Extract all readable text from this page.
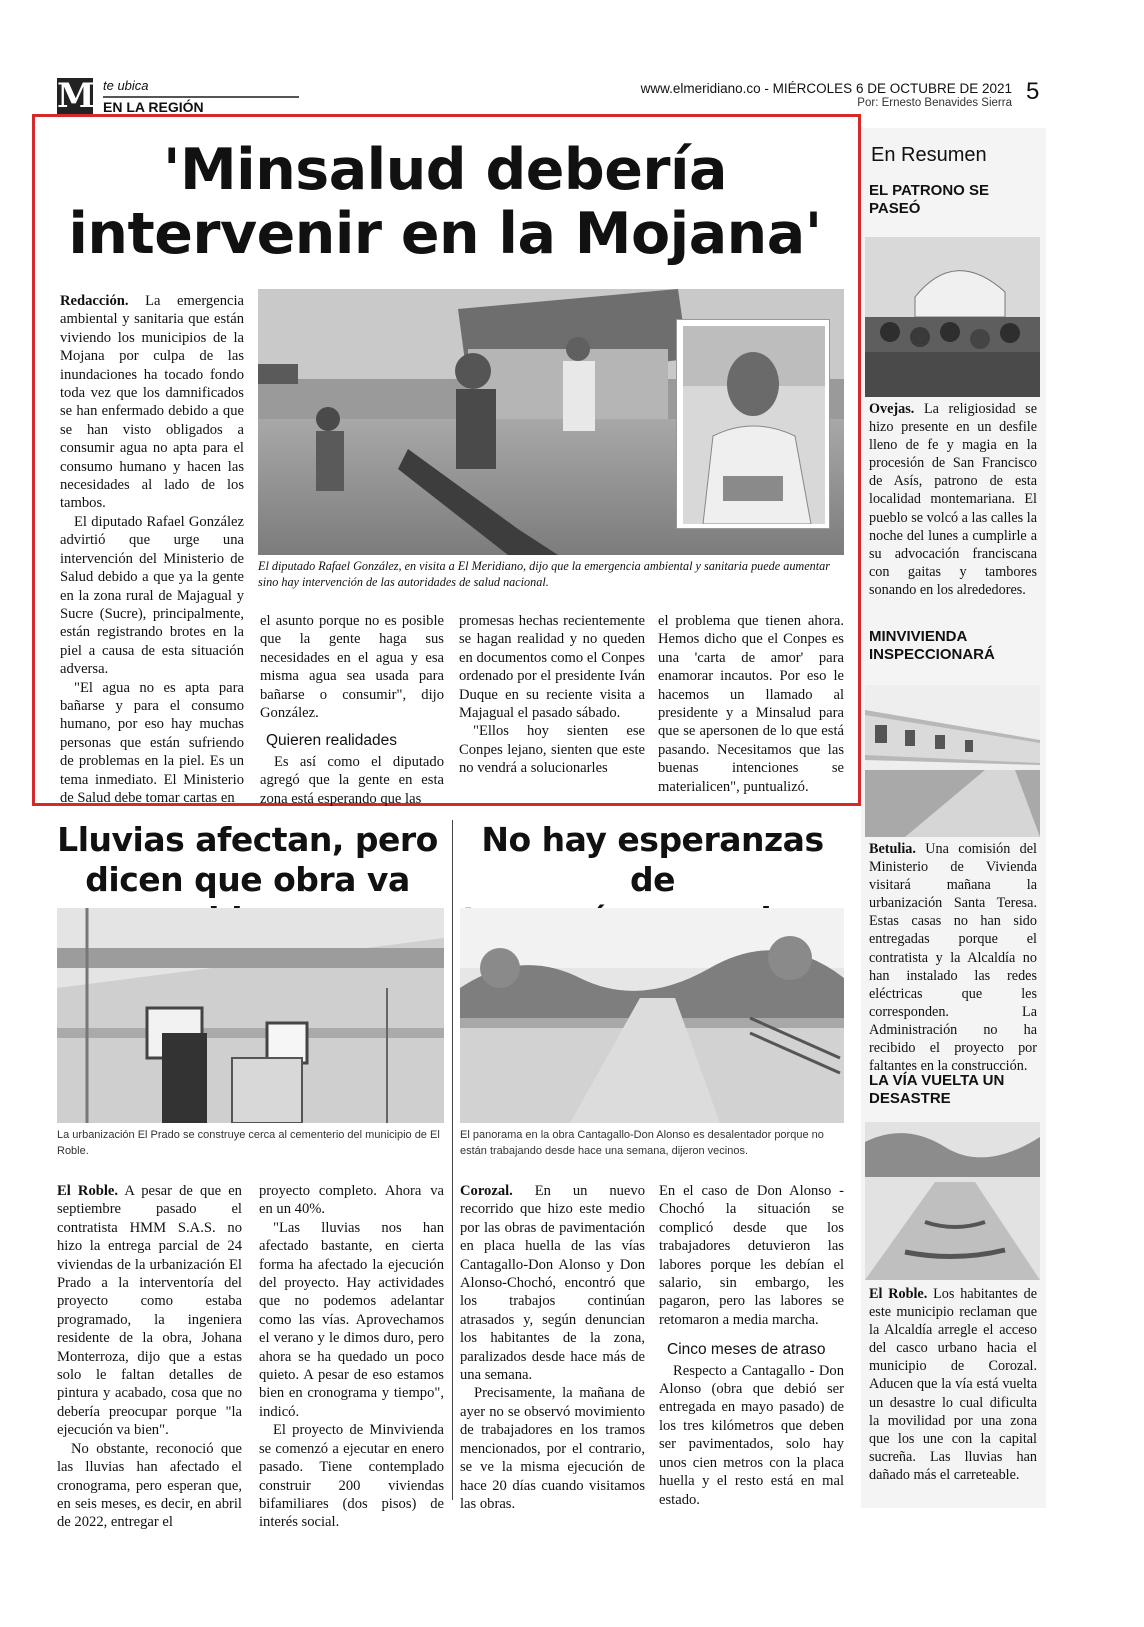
M te ubica
EN LA REGIÓN
www.elmeridiano.co - MIÉRCOLES 6 DE OCTUBRE DE 2021
Por: Ernesto Benavides Sierra 5
'Minsalud debería
intervenir en la Mojana'

Redacción. La emergencia ambiental y sanitaria que están viviendo los municipios de la Mojana por culpa de las inundaciones ha tocado fondo toda vez que los damnificados se han enfermado debido a que se han visto obligados a consumir agua no apta para el consumo humano y hacen las necesidades al lado de los tambos.

El diputado Rafael González advirtió que urge una intervención del Ministerio de Salud debido a que ya la gente en la zona rural de Majagual y Sucre (Sucre), principalmente, están registrando brotes en la piel a causa de esta situación adversa.

"El agua no es apta para bañarse y para el consumo humano, por eso hay muchas personas que están sufriendo de problemas en la piel. Es un tema inmediato. El Ministerio de Salud debe tomar cartas en

El diputado Rafael González, en visita a El Meridiano, dijo que la emergencia ambiental y sanitaria puede aumentar sino hay intervención de las autoridades de salud nacional.

el asunto porque no es posible que la gente haga sus necesidades en el agua y esa misma agua sea usada para bañarse o consumir", dijo González.

Quieren realidades

Es así como el diputado agregó que la gente en esta zona está esperando que las

promesas hechas recientemente se hagan realidad y no queden en documentos como el Conpes ordenado por el presidente Iván Duque en su reciente visita a Majagual el pasado sábado.

"Ellos hoy sienten ese Conpes lejano, sienten que este no vendrá a solucionarles

el problema que tienen ahora. Hemos dicho que el Conpes es una 'carta de amor' para enamorar incautos. Por eso le hacemos un llamado al presidente y a Minsalud para que se apersonen de lo que está pasando. Necesitamos que las buenas intenciones se materialicen", puntualizó.

Lluvias afectan, pero
dicen que obra va
La urbanización El Prado se construye cerca al cementerio del municipio de El Roble.

El Roble. A pesar de que en septiembre pasado el contratista HMM S.A.S. no hizo la entrega parcial de 24 viviendas de la urbanización El Prado a la interventoría del proyecto como estaba programado, la ingeniera residente de la obra, Johana Monterroza, dijo que a estas solo le faltan detalles de pintura y acabado, cosa que no debería preocupar porque "la ejecución va bien".

No obstante, reconoció que las lluvias han afectado el cronograma, pero esperan que, en seis meses, es decir, en abril de 2022, entregar el

proyecto completo. Ahora va en un 40%.

"Las lluvias nos han afectado bastante, en cierta forma ha afectado la ejecución del proyecto. Hay actividades que no podemos adelantar como las vías. Aprovechamos el verano y le dimos duro, pero ahora se ha quedado un poco quieto. A pesar de eso estamos bien en cronograma y tiempo", indicó.

El proyecto de Minvivienda se comenzó a ejecutar en enero pasado. Tiene contemplado construir 200 viviendas bifamiliares (dos pisos) de interés social.

No hay esperanzas de
El panorama en la obra Cantagallo-Don Alonso es desalentador porque no están trabajando desde hace una semana, dijeron vecinos.

Corozal. En un nuevo recorrido que hizo este medio por las obras de pavimentación en placa huella de las vías Cantagallo-Don Alonso y Don Alonso-Chochó, encontró que los trabajos continúan atrasados y, según denuncian los habitantes de la zona, paralizados desde hace más de una semana.

Precisamente, la mañana de ayer no se observó movimiento de trabajadores en los tramos mencionados, por el contrario, se ve la misma ejecución de hace 20 días cuando visitamos las obras.

En el caso de Don Alonso - Chochó la situación se complicó desde que los trabajadores detuvieron las labores porque les debían el salario, sin embargo, les pagaron, pero las labores se retomaron a media marcha.

Cinco meses de atraso

Respecto a Cantagallo - Don Alonso (obra que debió ser entregada en mayo pasado) de los tres kilómetros que deben ser pavimentados, solo hay unos cien metros con la placa huella y el resto está en mal estado.

En Resumen
EL PATRONO SE PASEÓ
Ovejas. La religiosidad se hizo presente en un desfile lleno de fe y magia en la procesión de San Francisco de Asís, patrono de esta localidad montemariana. El pueblo se volcó a las calles la noche del lunes a cumplirle a su advocación franciscana con gaitas y tambores sonando en los alrededores.
MINVIVIENDA INSPECCIONARÁ
Betulia. Una comisión del Ministerio de Vivienda visitará mañana la urbanización Santa Teresa. Estas casas no han sido entregadas porque el contratista y la Alcaldía no han instalado las redes eléctricas que les corresponden. La Administración no ha recibido el proyecto por faltantes en la construcción.
LA VÍA VUELTA UN DESASTRE
El Roble. Los habitantes de este municipio reclaman que la Alcaldía arregle el acceso del casco urbano hacia el municipio de Corozal. Aducen que la vía está vuelta un desastre lo cual dificulta la movilidad por una zona que los une con la capital sucreña. Las lluvias han dañado más el carreteable.
